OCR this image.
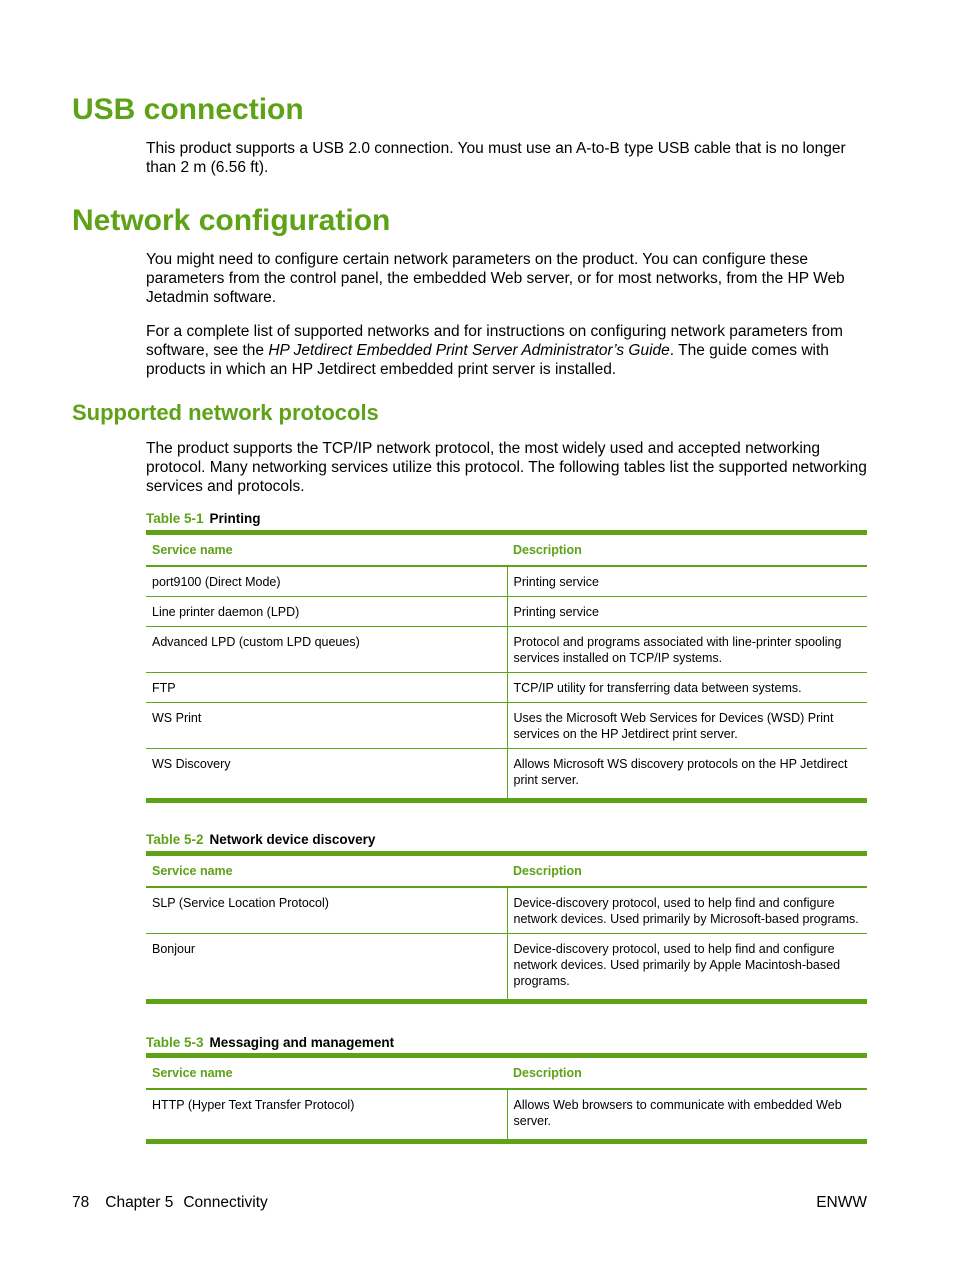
USB connection

This product supports a USB 2.0 connection. You must use an A-to-B type USB cable that is no longer than 2 m (6.56 ft).

Network configuration

You might need to configure certain network parameters on the product. You can configure these parameters from the control panel, the embedded Web server, or for most networks, from the HP Web Jetadmin software.

For a complete list of supported networks and for instructions on configuring network parameters from software, see the HP Jetdirect Embedded Print Server Administrator’s Guide. The guide comes with products in which an HP Jetdirect embedded print server is installed.

Supported network protocols

The product supports the TCP/IP network protocol, the most widely used and accepted networking protocol. Many networking services utilize this protocol. The following tables list the supported networking services and protocols.

Table 5-1 Printing
Service name	Description
port9100 (Direct Mode)	Printing service
Line printer daemon (LPD)	Printing service
Advanced LPD (custom LPD queues)	Protocol and programs associated with line-printer spooling services installed on TCP/IP systems.
FTP	TCP/IP utility for transferring data between systems.
WS Print	Uses the Microsoft Web Services for Devices (WSD) Print services on the HP Jetdirect print server.
WS Discovery	Allows Microsoft WS discovery protocols on the HP Jetdirect print server.
Table 5-2 Network device discovery
Service name	Description
SLP (Service Location Protocol)	Device-discovery protocol, used to help find and configure network devices. Used primarily by Microsoft-based programs.
Bonjour	Device-discovery protocol, used to help find and configure network devices. Used primarily by Apple Macintosh-based programs.
Table 5-3 Messaging and management
Service name	Description
HTTP (Hyper Text Transfer Protocol)	Allows Web browsers to communicate with embedded Web server.
78 Chapter 5 Connectivity	ENWW
